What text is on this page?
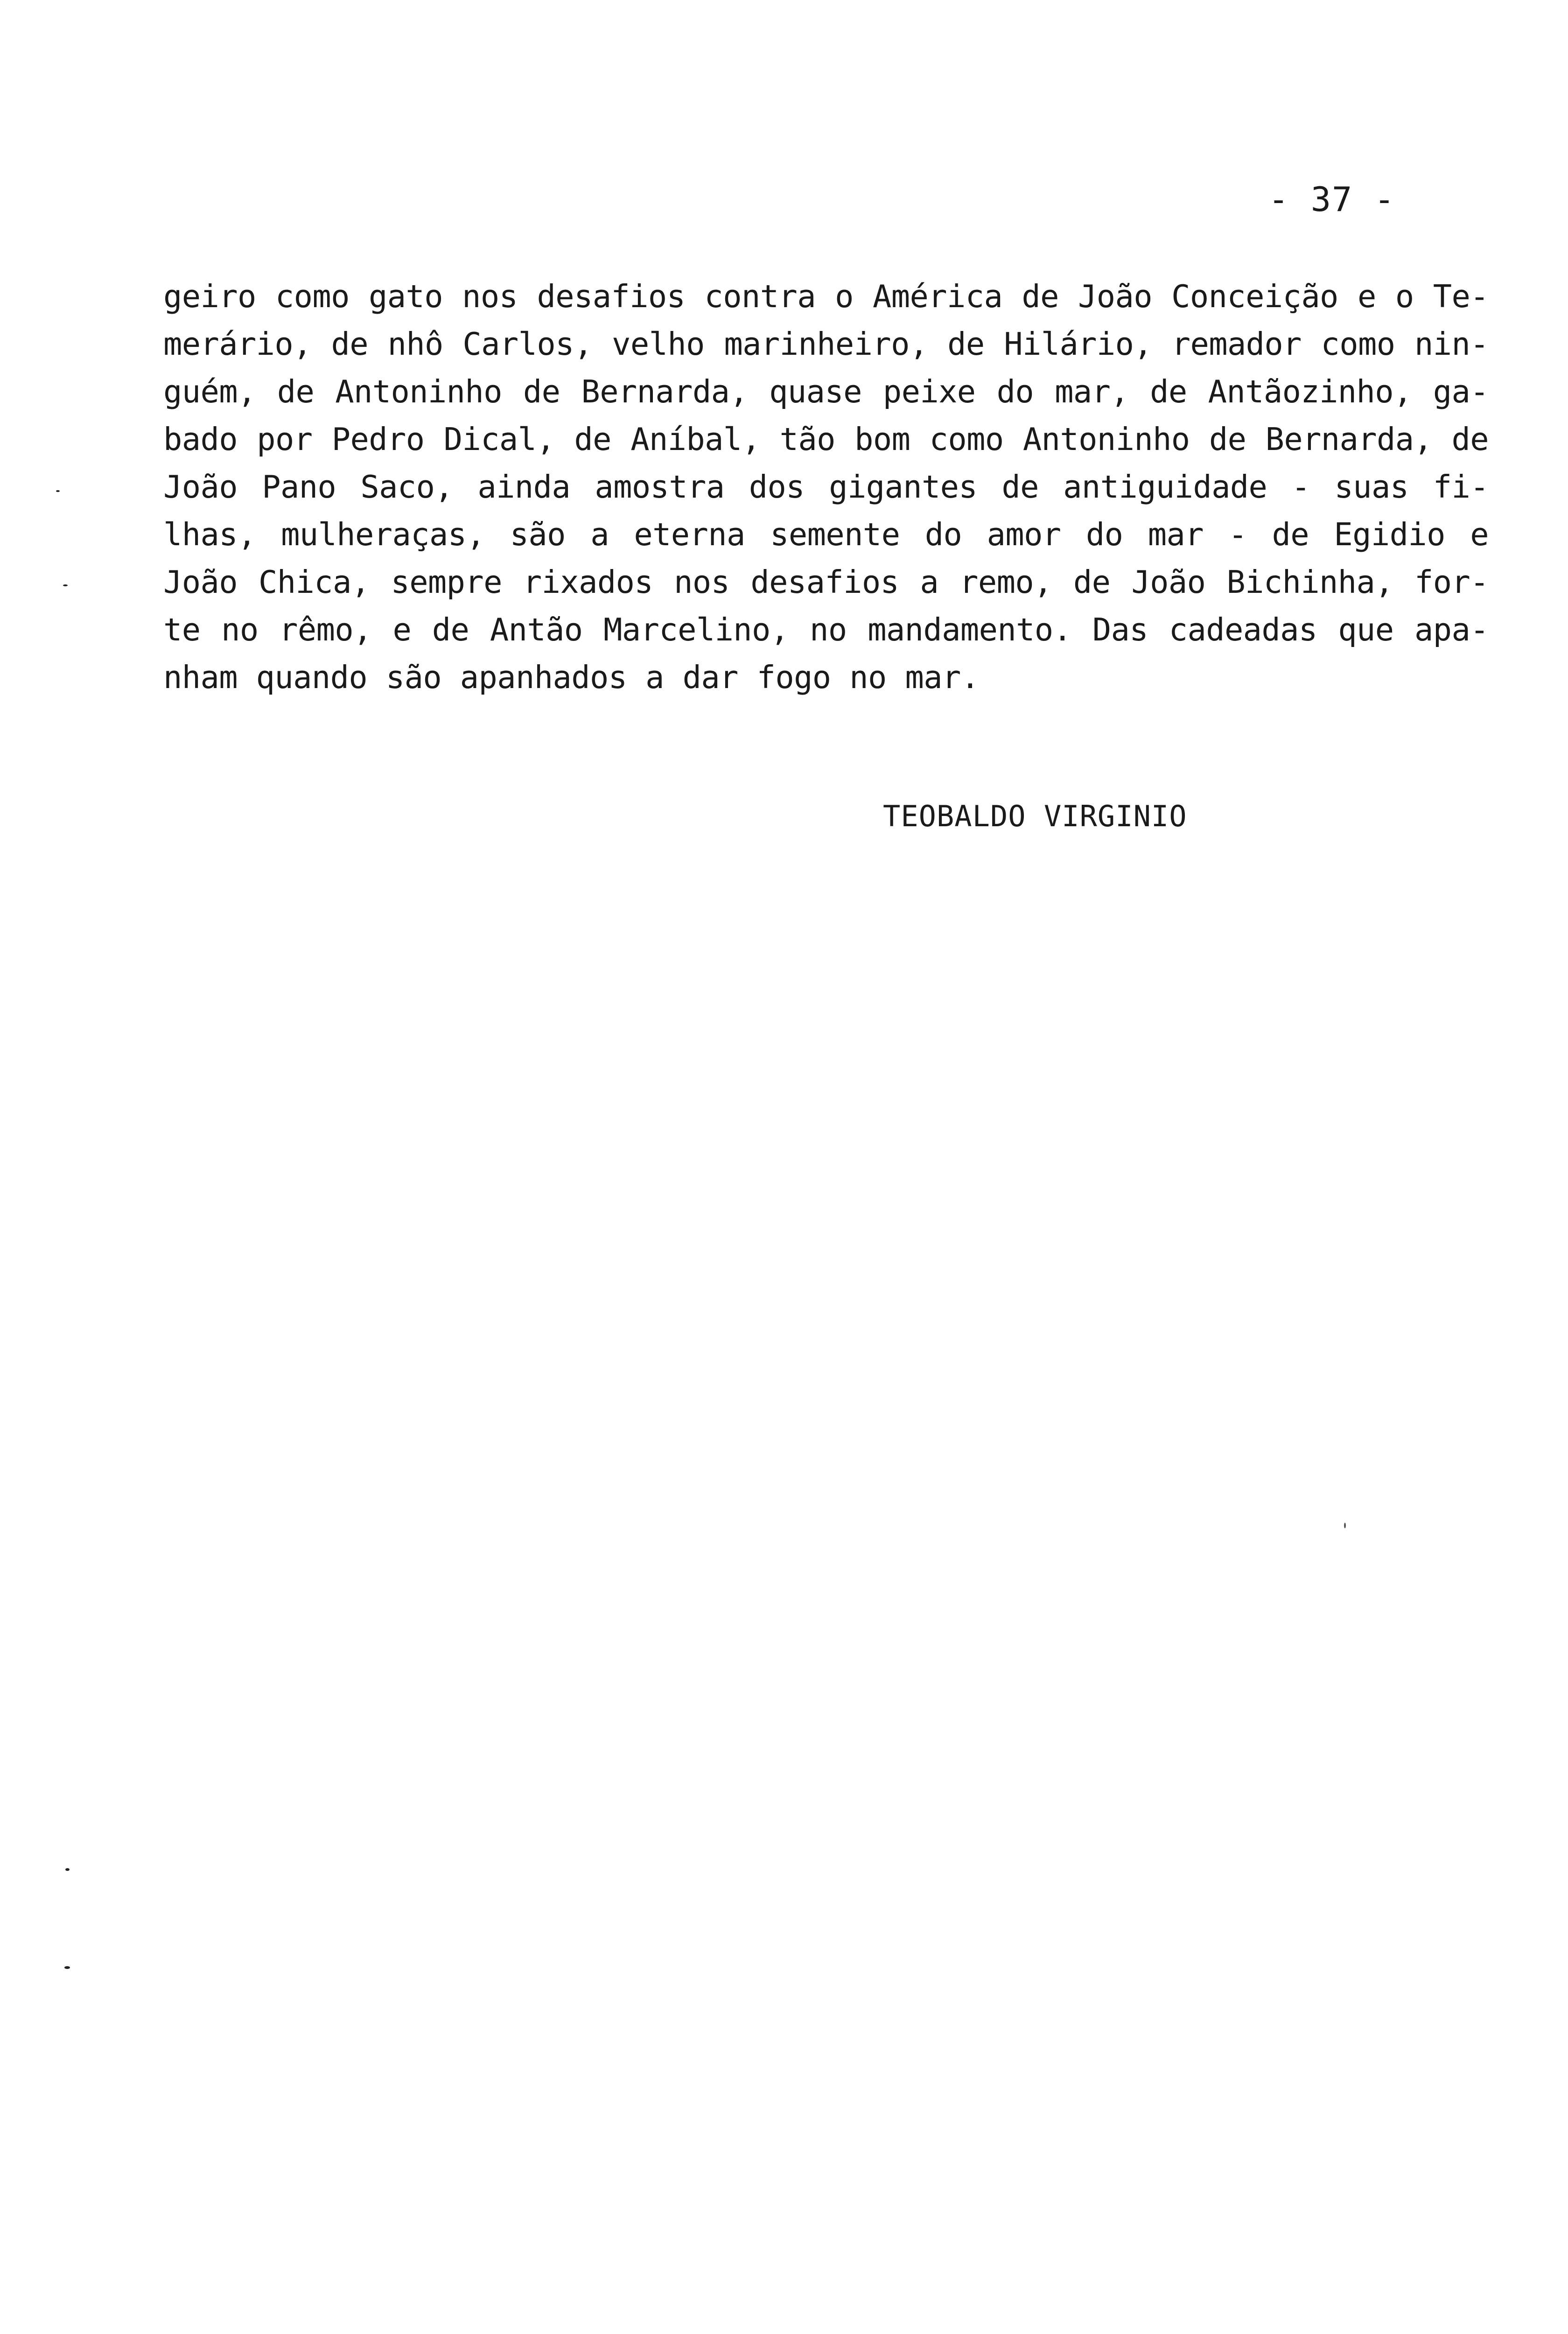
- 37 -
geiro como gato nos desafios contra o América de João Conceição e o Te-
merário, de nhô Carlos, velho marinheiro, de Hilário, remador como nin-
guém, de Antoninho de Bernarda, quase peixe do mar, de Antãozinho, ga-
bado por Pedro Dical, de Aníbal, tão bom como Antoninho de Bernarda, de
João Pano Saco, ainda amostra dos gigantes de antiguidade - suas fi-
lhas, mulheraças, são a eterna semente do amor do mar - de Egidio e
João Chica, sempre rixados nos desafios a remo, de João Bichinha, for-
te no rêmo, e de Antão Marcelino, no mandamento. Das cadeadas que apa-
nham quando são apanhados a dar fogo no mar.
TEOBALDO VIRGINIO
